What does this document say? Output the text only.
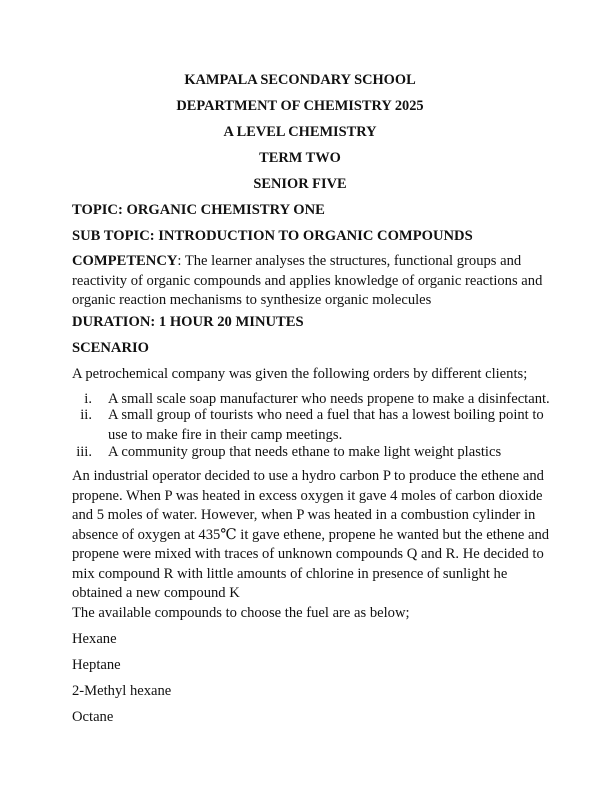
KAMPALA SECONDARY SCHOOL
DEPARTMENT OF CHEMISTRY 2025
A LEVEL CHEMISTRY
TERM TWO
SENIOR FIVE
TOPIC: ORGANIC CHEMISTRY ONE
SUB TOPIC: INTRODUCTION TO ORGANIC COMPOUNDS
COMPETENCY: The learner analyses the structures, functional groups and
reactivity of organic compounds and applies knowledge of organic reactions and
organic reaction mechanisms to synthesize organic molecules
DURATION: 1 HOUR 20 MINUTES
SCENARIO
A petrochemical company was given the following orders by different clients;
i. A small scale soap manufacturer who needs propene to make a disinfectant.
ii. A small group of tourists who need a fuel that has a lowest boiling point to
use to make fire in their camp meetings.
iii. A community group that needs ethane to make light weight plastics
An industrial operator decided to use a hydro carbon P to produce the ethene and
propene. When P was heated in excess oxygen it gave 4 moles of carbon dioxide
and 5 moles of water. However, when P was heated in a combustion cylinder in
absence of oxygen at 435℃ it gave ethene, propene he wanted but the ethene and
propene were mixed with traces of unknown compounds Q and R. He decided to
mix compound R with little amounts of chlorine in presence of sunlight he
obtained a new compound K
The available compounds to choose the fuel are as below;
Hexane
Heptane
2-Methyl hexane
Octane
